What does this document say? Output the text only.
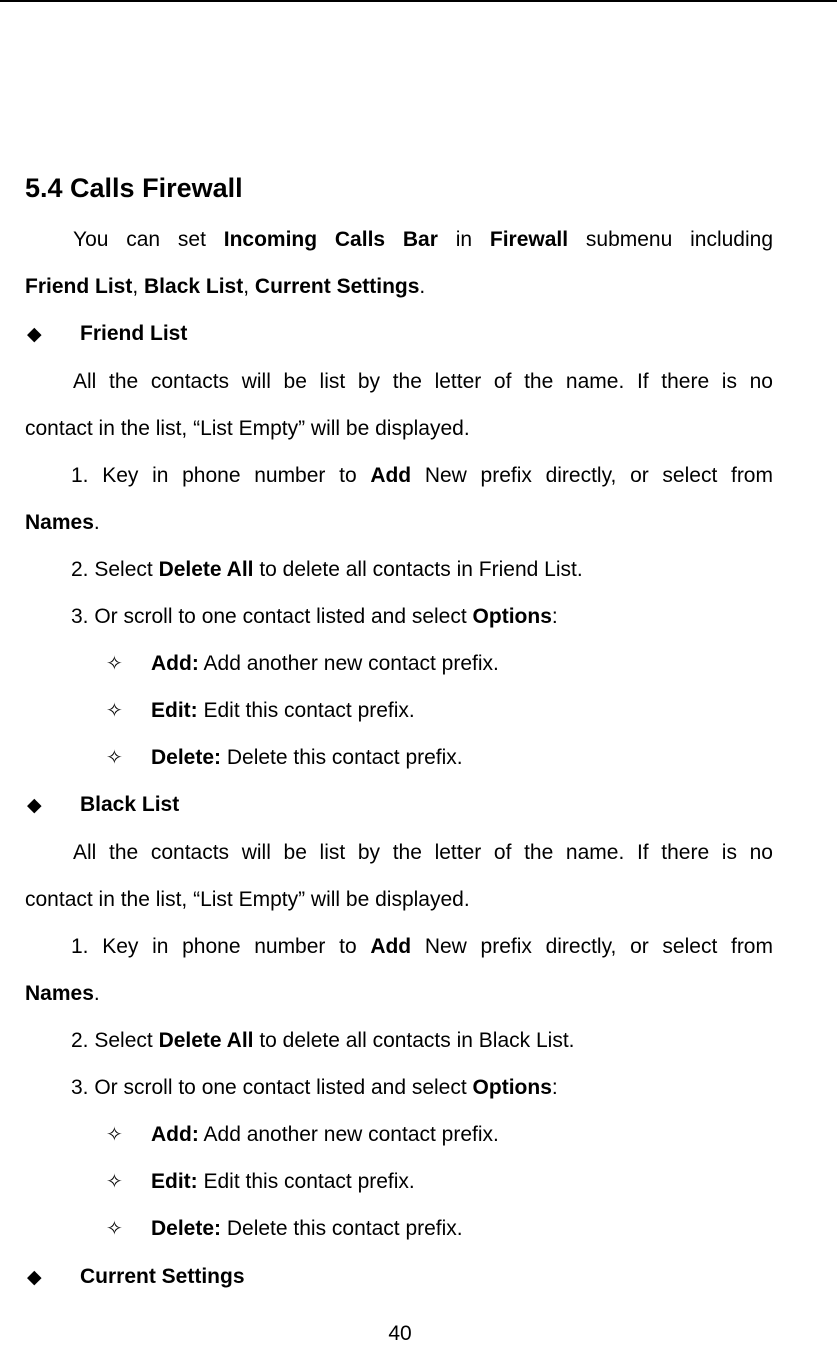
5.4 Calls Firewall
You can set Incoming Calls Bar in Firewall submenu including
Friend List, Black List, Current Settings.
◆ Friend List
All the contacts will be list by the letter of the name. If there is no
contact in the list, “List Empty” will be displayed.
1. Key in phone number to Add New prefix directly, or select from
Names.
2. Select Delete All to delete all contacts in Friend List.
3. Or scroll to one contact listed and select Options:
✧ Add: Add another new contact prefix.
✧ Edit: Edit this contact prefix.
✧ Delete: Delete this contact prefix.
◆ Black List
All the contacts will be list by the letter of the name. If there is no
contact in the list, “List Empty” will be displayed.
1. Key in phone number to Add New prefix directly, or select from
Names.
2. Select Delete All to delete all contacts in Black List.
3. Or scroll to one contact listed and select Options:
✧ Add: Add another new contact prefix.
✧ Edit: Edit this contact prefix.
✧ Delete: Delete this contact prefix.
◆ Current Settings
40
